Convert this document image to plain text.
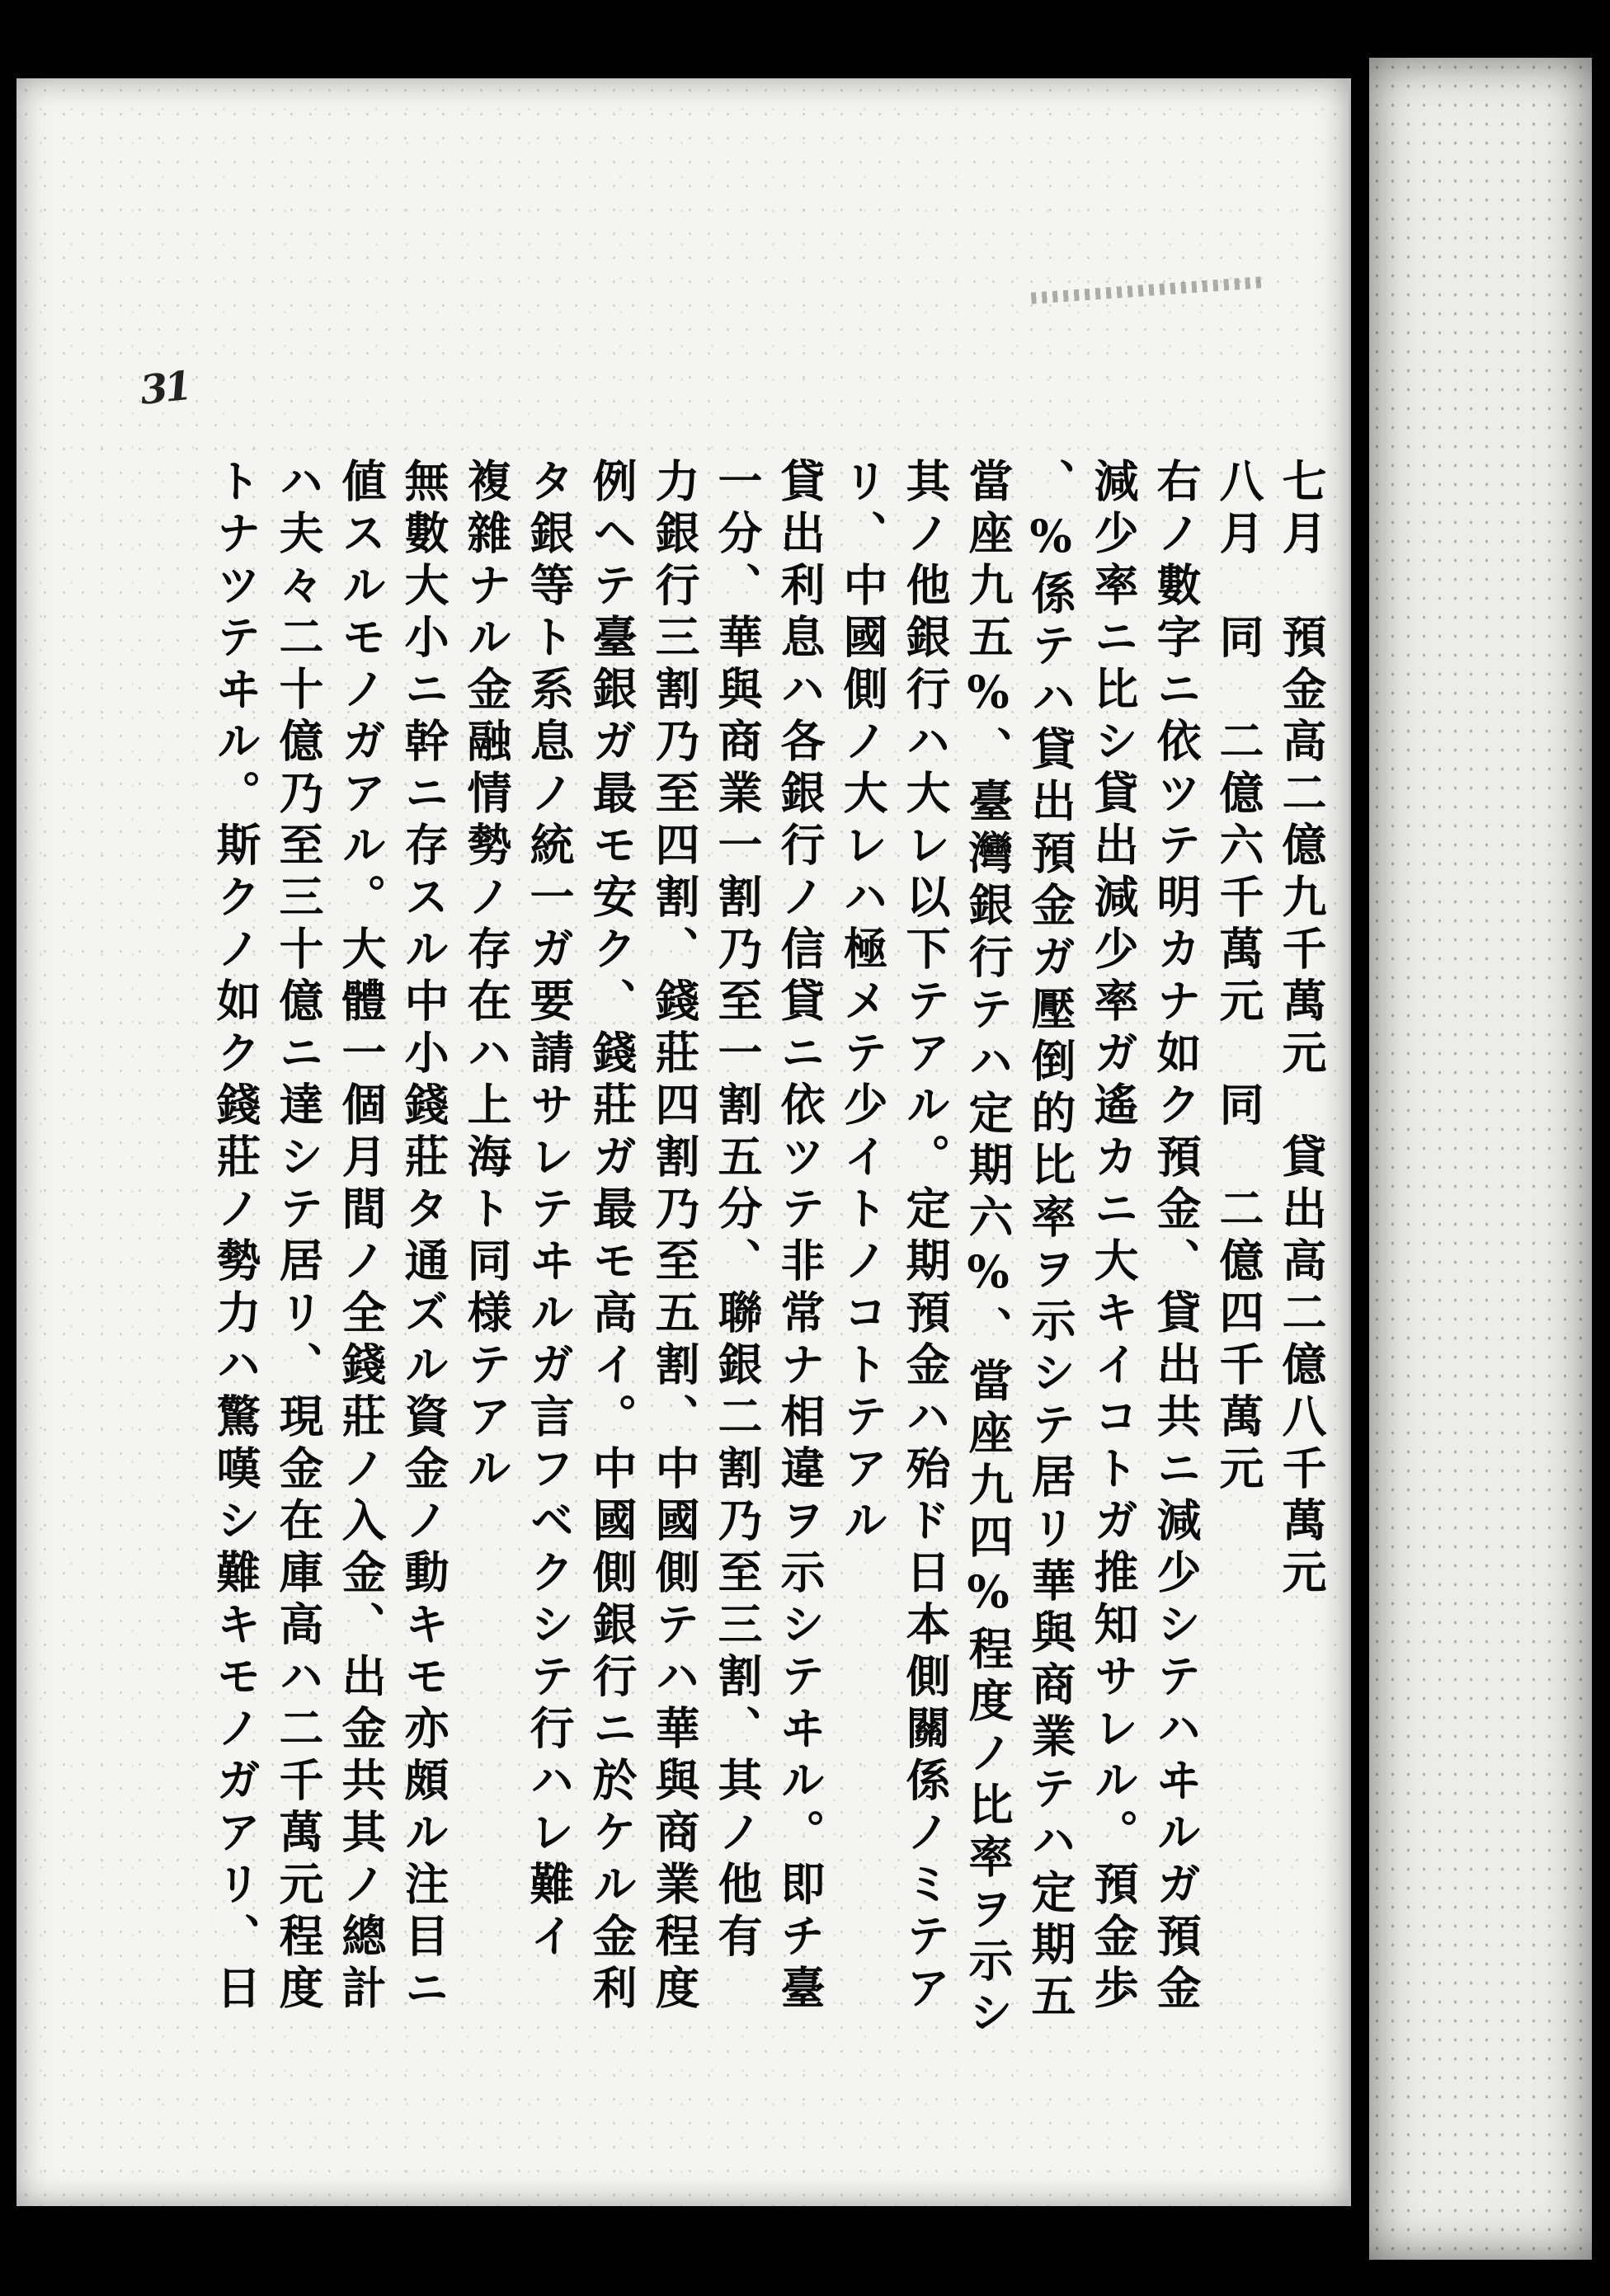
31
七月　預金高二億九千萬元　貸出高二億八千萬元
八月　同　二億六千萬元　同　二億四千萬元
右ノ數字ニ依ツテ明カナ如ク預金、貸出共ニ減少シテハヰルガ預金
減少率ニ比シ貸出減少率ガ遙カニ大キイコトガ推知サレル。預金歩
係テハ貸出預金ガ壓倒的比率ヲ示シテ居リ華與商業テハ定期五%、
當座九五%、臺灣銀行テハ定期六%、當座九四%程度ノ比率ヲ示シ
其ノ他銀行ハ大レ以下テアル。定期預金ハ殆ド日本側關係ノミテア
リ、中國側ノ大レハ極メテ少イトノコトテアル
貸出利息ハ各銀行ノ信貸ニ依ツテ非常ナ相違ヲ示シテヰル。即チ臺
一分、華與商業一割乃至一割五分、聯銀二割乃至三割、其ノ他有
力銀行三割乃至四割、錢莊四割乃至五割、中國側テハ華與商業程度
例ヘテ臺銀ガ最モ安ク、錢莊ガ最モ高イ。中國側銀行ニ於ケル金利
タ銀等ト系息ノ統一ガ要請サレテヰルガ言フベクシテ行ハレ難イ
複雜ナル金融情勢ノ存在ハ上海ト同様テアル
無數大小ニ幹ニ存スル中小錢莊タ通ズル資金ノ動キモ亦頗ル注目ニ
値スルモノガアル。大體一個月間ノ全錢莊ノ入金、出金共其ノ總計
ハ夫々二十億乃至三十億ニ達シテ居リ、現金在庫高ハ二千萬元程度
トナツテヰル。斯クノ如ク錢莊ノ勢力ハ驚嘆シ難キモノガアリ、日
